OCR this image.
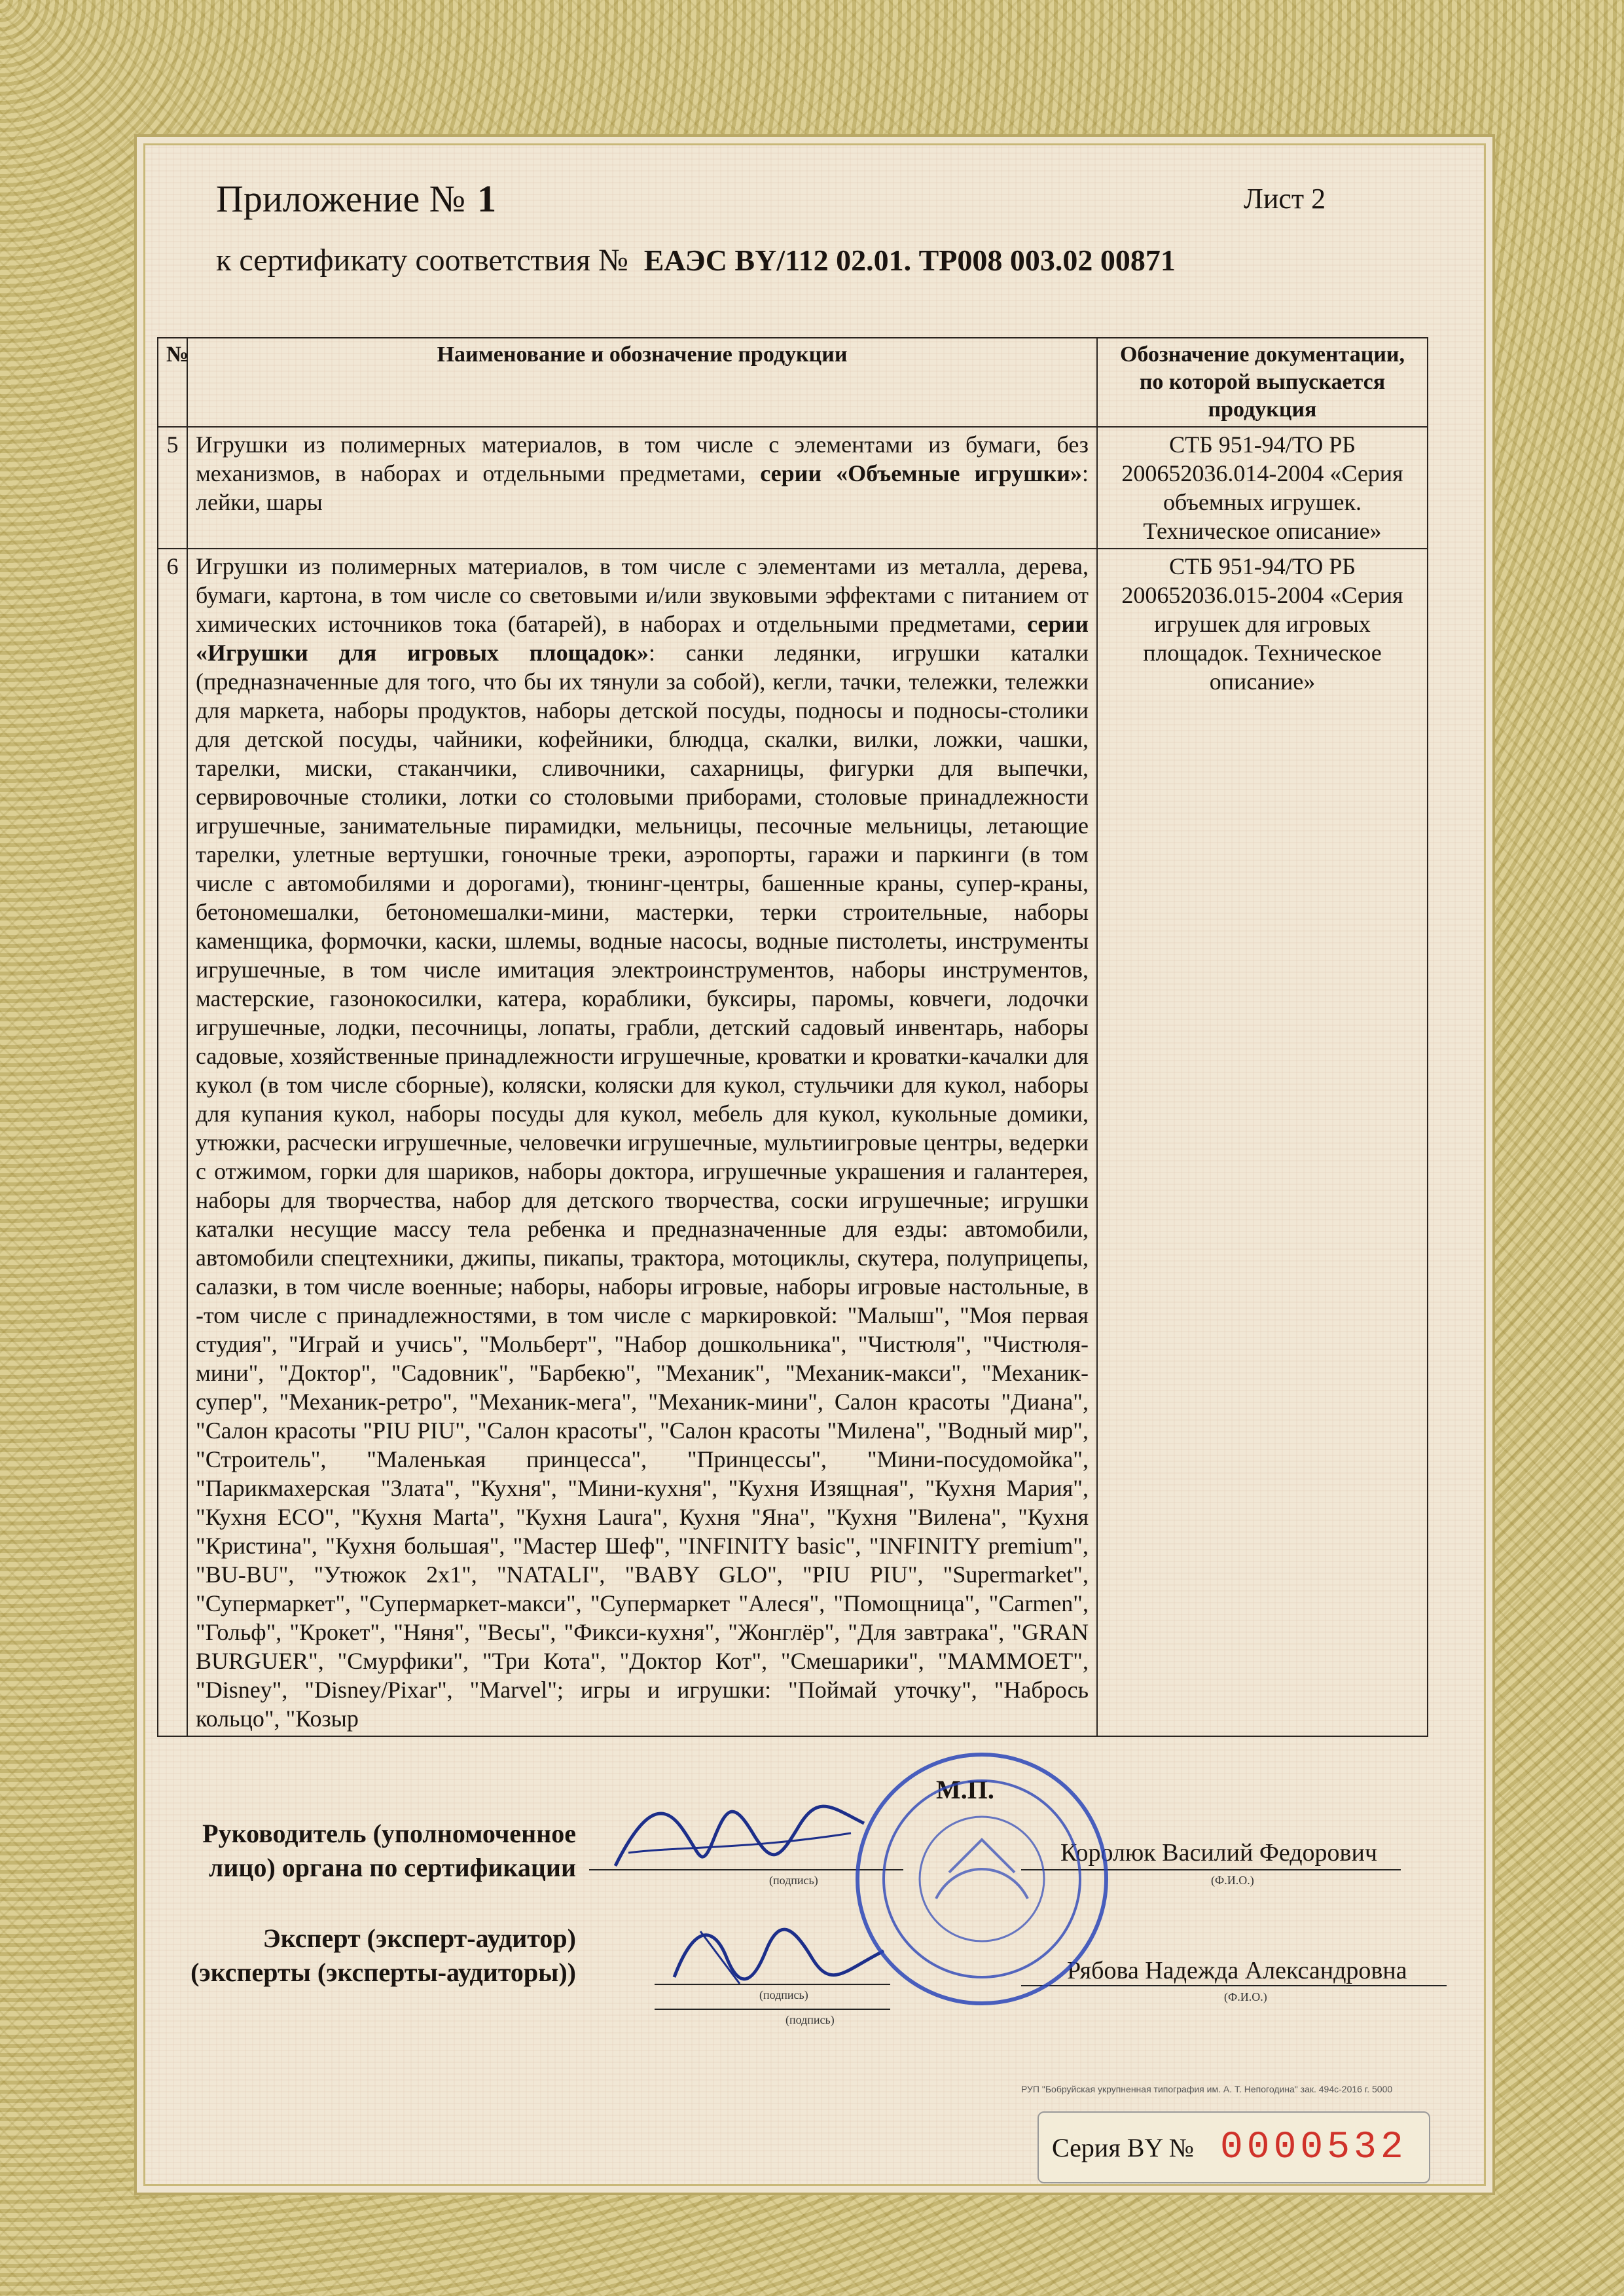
Приложение № 1	Лист 2
к сертификату соответствия № ЕАЭС BY/112 02.01. ТР008 003.02 00871
№	Наименование и обозначение продукции	Обозначение документации, по которой выпускается продукция
5	Игрушки из полимерных материалов, в том числе с элементами из бумаги, без механизмов, в наборах и отдельными предметами, серии «Объемные игрушки»: лейки, шары	СТБ 951-94/ТО РБ 200652036.014-2004 «Серия объемных игрушек. Техническое описание»
6	Игрушки из полимерных материалов, в том числе с элементами из металла, дерева, бумаги, картона, в том числе со световыми и/или звуковыми эффектами с питанием от химических источников тока (батарей), в наборах и отдельными предметами, серии «Игрушки для игровых площадок»: санки ледянки, игрушки каталки (предназначенные для того, что бы их тянули за собой), кегли, тачки, тележки, тележки для маркета, наборы продуктов, наборы детской посуды, подносы и подносы-столики для детской посуды, чайники, кофейники, блюдца, скалки, вилки, ложки, чашки, тарелки, миски, стаканчики, сливочники, сахарницы, фигурки для выпечки, сервировочные столики, лотки со столовыми приборами, столовые принадлежности игрушечные, занимательные пирамидки, мельницы, песочные мельницы, летающие тарелки, улетные вертушки, гоночные треки, аэропорты, гаражи и паркинги (в том числе с автомобилями и дорогами), тюнинг-центры, башенные краны, супер-краны, бетономешалки, бетономешалки-мини, мастерки, терки строительные, наборы каменщика, формочки, каски, шлемы, водные насосы, водные пистолеты, инструменты игрушечные, в том числе имитация электроинструментов, наборы инструментов, мастерские, газонокосилки, катера, кораблики, буксиры, паромы, ковчеги, лодочки игрушечные, лодки, песочницы, лопаты, грабли, детский садовый инвентарь, наборы садовые, хозяйственные принадлежности игрушечные, кроватки и кроватки-качалки для кукол (в том числе сборные), коляски, коляски для кукол, стульчики для кукол, наборы для купания кукол, наборы посуды для кукол, мебель для кукол, кукольные домики, утюжки, расчески игрушечные, человечки игрушечные, мультиигровые центры, ведерки с отжимом, горки для шариков, наборы доктора, игрушечные украшения и галантерея, наборы для творчества, набор для детского творчества, соски игрушечные; игрушки каталки несущие массу тела ребенка и предназначенные для езды: автомобили, автомобили спецтехники, джипы, пикапы, трактора, мотоциклы, скутера, полуприцепы, салазки, в том числе военные; наборы, наборы игровые, наборы игровые настольные, в -том числе с принадлежностями, в том числе с маркировкой: "Малыш", "Моя первая студия", "Играй и учись", "Мольберт", "Набор дошкольника", "Чистюля", "Чистюля-мини", "Доктор", "Садовник", "Барбекю", "Механик", "Механик-макси", "Механик-супер", "Механик-ретро", "Механик-мега", "Механик-мини", Салон красоты "Диана", "Салон красоты "PIU PIU", "Салон красоты", "Салон красоты "Милена", "Водный мир", "Строитель", "Маленькая принцесса", "Принцессы", "Мини-посудомойка", "Парикмахерская "Злата", "Кухня", "Мини-кухня", "Кухня Изящная", "Кухня Мария", "Кухня ECO", "Кухня Marta", "Кухня Laura", Кухня "Яна", "Кухня "Вилена", "Кухня "Кристина", "Кухня большая", "Мастер Шеф", "INFINITY basic", "INFINITY premium", "BU-BU", "Утюжок 2х1", "NATALI", "BABY GLO", "PIU PIU", "Supermarket", "Супермаркет", "Супермаркет-макси", "Супермаркет "Алеся", "Помощница", "Carmen", "Гольф", "Крокет", "Няня", "Весы", "Фикси-кухня", "Жонглёр", "Для завтрака", "GRAN BURGUER", "Смурфики", "Три Кота", "Доктор Кот", "Смешарики", "MAMMOET", "Disney", "Disney/Pixar", "Marvel"; игры и игрушки: "Поймай уточку", "Набрось кольцо", "Козыр	СТБ 951-94/ТО РБ 200652036.015-2004 «Серия игрушек для игровых площадок. Техническое описание»
Руководитель (уполномоченное лицо) органа по сертификации
Эксперт (эксперт-аудитор) (эксперты (эксперты-аудиторы))
(подпись)
М.П.
Королюк Василий Федорович
(Ф.И.О.)
(подпись)
(подпись)
Рябова Надежда Александровна
(Ф.И.О.)
РУП "Бобруйская укрупненная типография им. А. Т. Непогодина" зак. 494с-2016 г. 5000
Серия BY № 0000532
